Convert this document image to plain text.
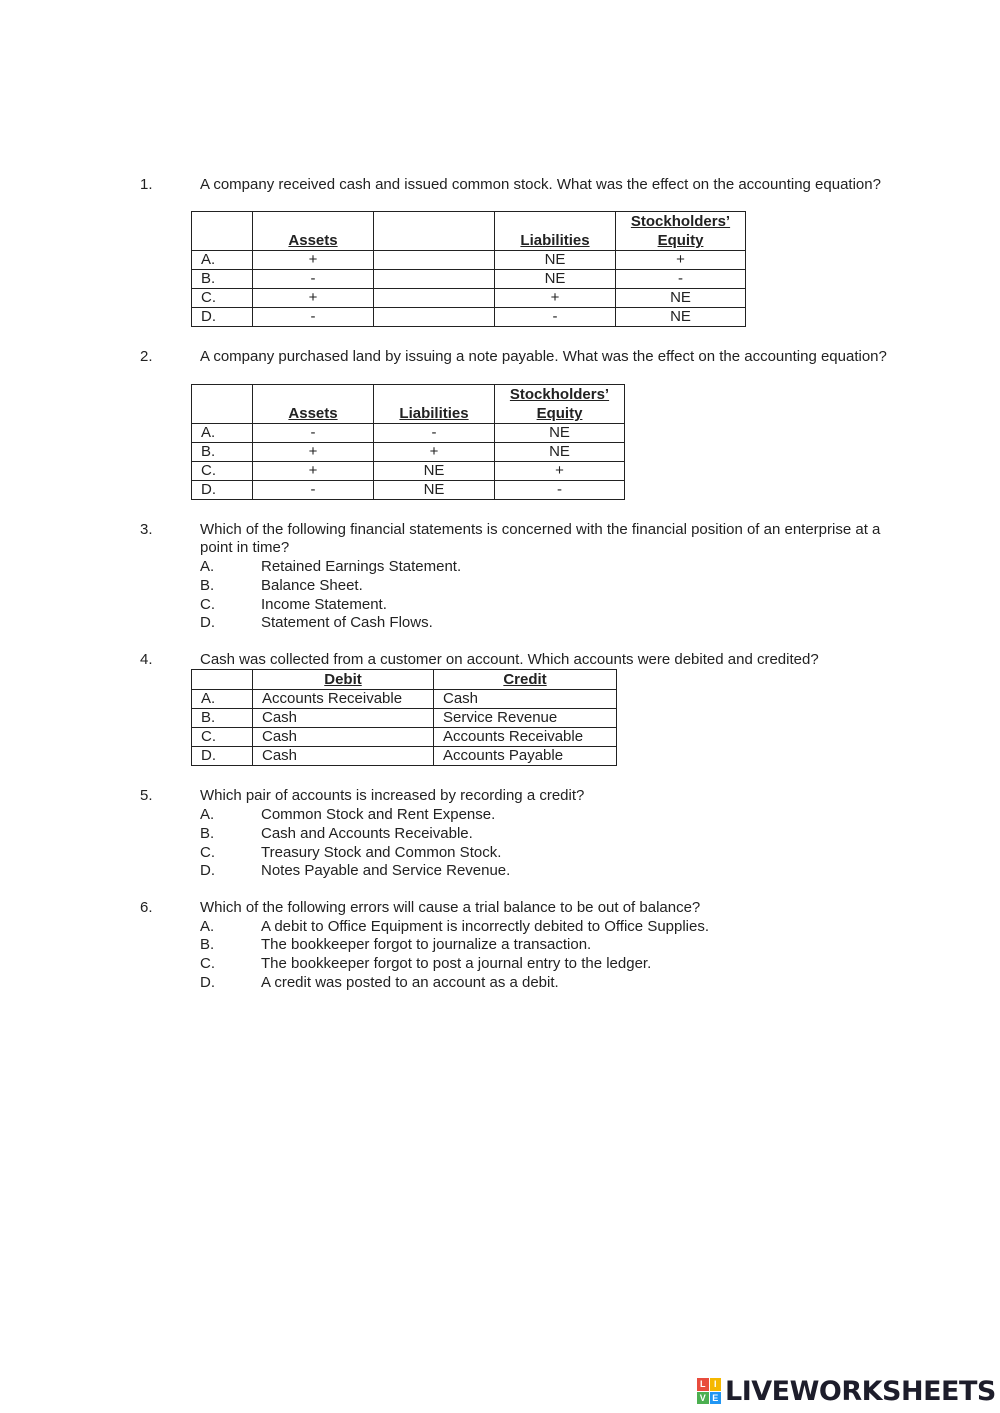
1.	A company received cash and issued common stock. What was the effect on the accounting equation?
	Assets		Liabilities	Stockholders’ Equity
A.	+		NE	+
B.	-		NE	-
C.	+		+	NE
D.	-		-	NE
2.	A company purchased land by issuing a note payable. What was the effect on the accounting equation?
	Assets	Liabilities	Stockholders’ Equity
A.	-	-	NE
B.	+	+	NE
C.	+	NE	+
D.	-	NE	-
3.	Which of the following financial statements is concerned with the financial position of an enterprise at a point in time?
A.	Retained Earnings Statement.
B.	Balance Sheet.
C.	Income Statement.
D.	Statement of Cash Flows.
4.	Cash was collected from a customer on account. Which accounts were debited and credited?
	Debit	Credit
A.	Accounts Receivable	Cash
B.	Cash	Service Revenue
C.	Cash	Accounts Receivable
D.	Cash	Accounts Payable
5.	Which pair of accounts is increased by recording a credit?
A.	Common Stock and Rent Expense.
B.	Cash and Accounts Receivable.
C.	Treasury Stock and Common Stock.
D.	Notes Payable and Service Revenue.
6.	Which of the following errors will cause a trial balance to be out of balance?
A.	A debit to Office Equipment is incorrectly debited to Office Supplies.
B.	The bookkeeper forgot to journalize a transaction.
C.	The bookkeeper forgot to post a journal entry to the ledger.
D.	A credit was posted to an account as a debit.
L I
V E LIVEWORKSHEETS
